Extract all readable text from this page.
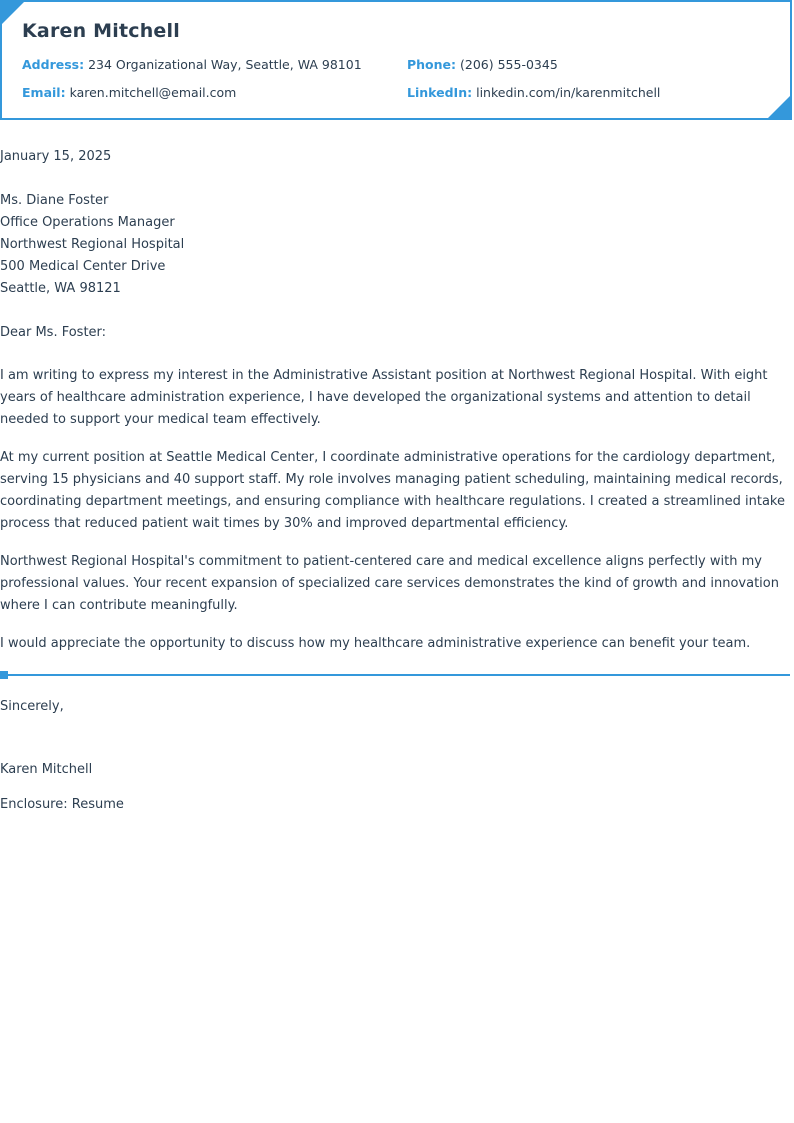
Karen Mitchell
Address: 234 Organizational Way, Seattle, WA 98101	Phone: (206) 555-0345
Email: karen.mitchell@email.com	LinkedIn: linkedin.com/in/karenmitchell
January 15, 2025
Ms. Diane Foster
Office Operations Manager
Northwest Regional Hospital
500 Medical Center Drive
Seattle, WA 98121
Dear Ms. Foster:

I am writing to express my interest in the Administrative Assistant position at Northwest Regional Hospital. With eight years of healthcare administration experience, I have developed the organizational systems and attention to detail needed to support your medical team effectively.

At my current position at Seattle Medical Center, I coordinate administrative operations for the cardiology department, serving 15 physicians and 40 support staff. My role involves managing patient scheduling, maintaining medical records, coordinating department meetings, and ensuring compliance with healthcare regulations. I created a streamlined intake process that reduced patient wait times by 30% and improved departmental efficiency.

Northwest Regional Hospital's commitment to patient-centered care and medical excellence aligns perfectly with my professional values. Your recent expansion of specialized care services demonstrates the kind of growth and innovation where I can contribute meaningfully.

I would appreciate the opportunity to discuss how my healthcare administrative experience can benefit your team.

Sincerely,
Karen Mitchell
Enclosure: Resume
